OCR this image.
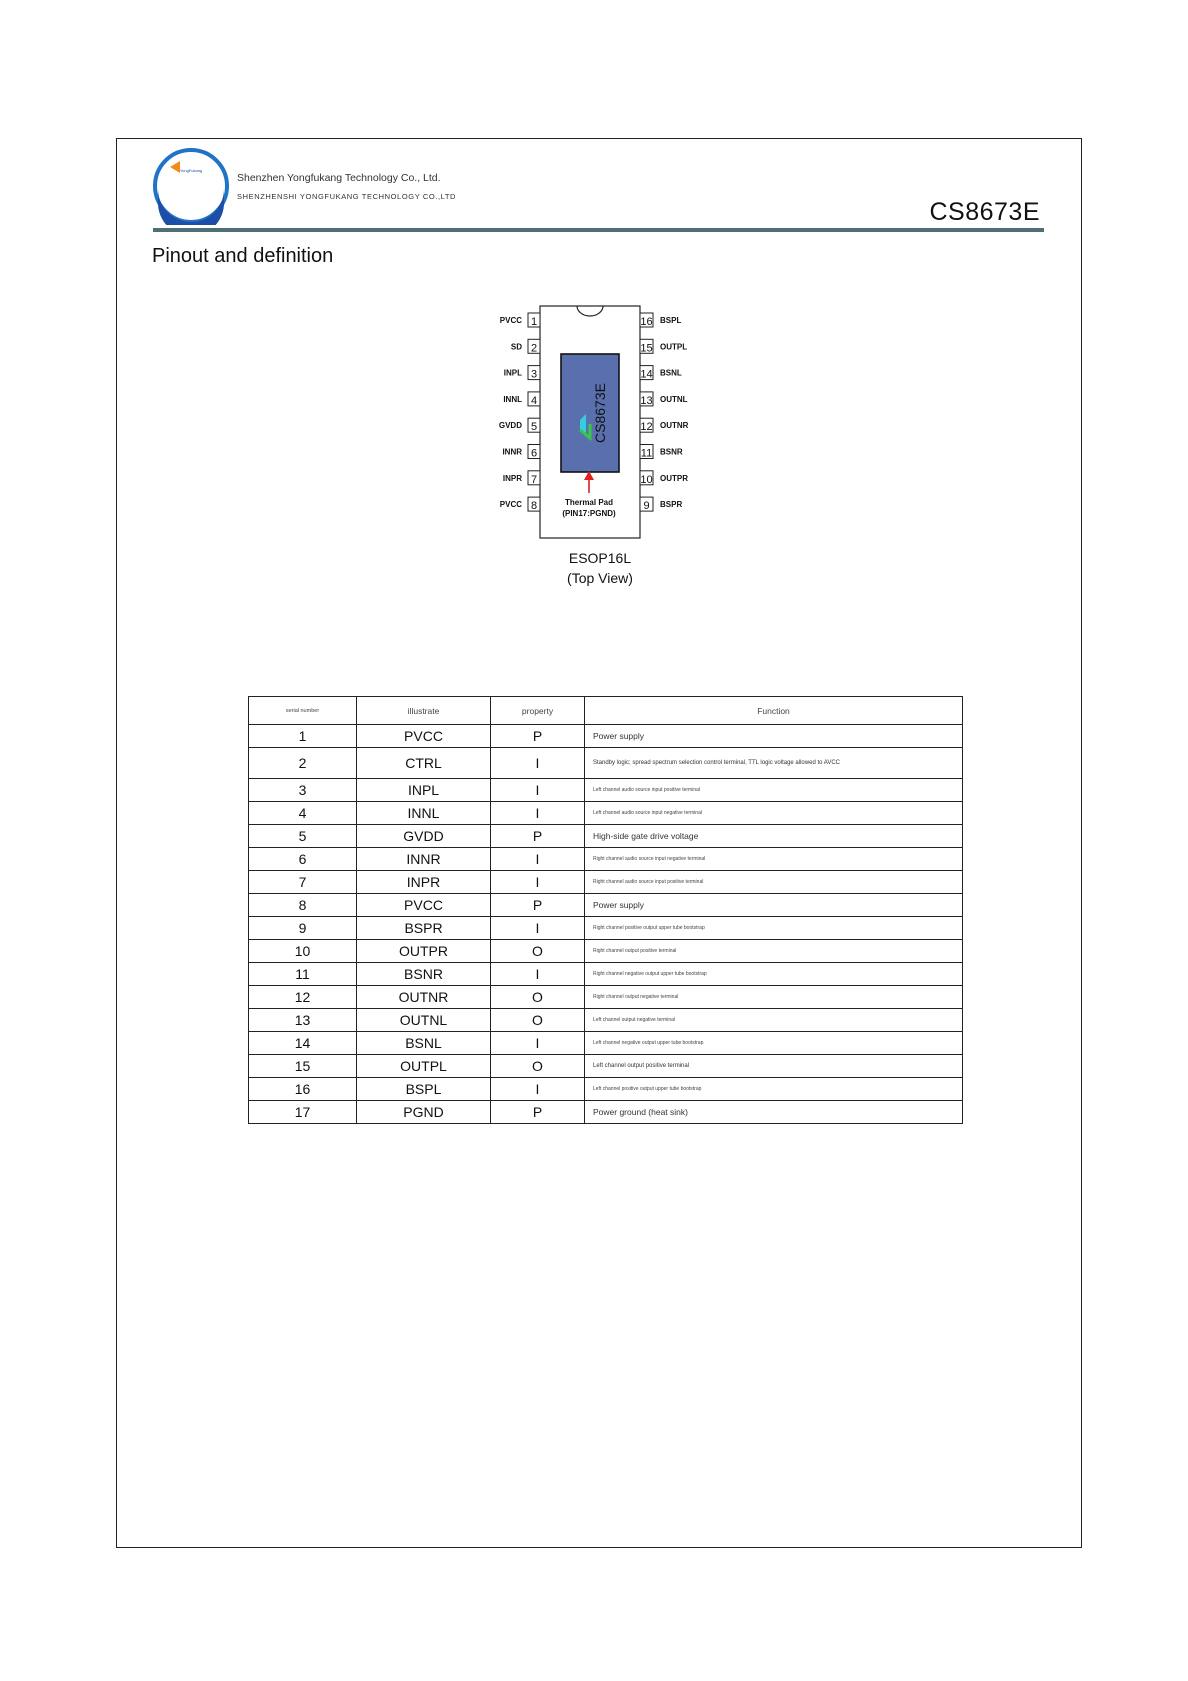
YongFukang
Shenzhen Yongfukang Technology Co., Ltd.
SHENZHENSHI YONGFUKANG TECHNOLOGY CO.,LTD
CS8673E
Pinout and definition
CS8673E
Thermal Pad
(PIN17:PGND)
1
PVCC
2
SD
3
INPL
4
INNL
5
GVDD
6
INNR
7
INPR
8
PVCC
16 BSPL
15 OUTPL
14 BSNL
13 OUTNL
12 OUTNR
11 BSNR
10 OUTPR
9 BSPR
ESOP16L
(Top View)
serial number	illustrate	property	Function
1	PVCC	P	Power supply
2	CTRL	I	Standby logic; spread spectrum selection control terminal, TTL logic voltage allowed to AVCC
3	INPL	I	Left channel audio source input positive terminal
4	INNL	I	Left channel audio source input negative terminal
5	GVDD	P	High-side gate drive voltage
6	INNR	I	Right channel audio source input negative terminal
7	INPR	I	Right channel audio source input positive terminal
8	PVCC	P	Power supply
9	BSPR	I	Right channel positive output upper tube bootstrap
10	OUTPR	O	Right channel output positive terminal
11	BSNR	I	Right channel negative output upper tube bootstrap
12	OUTNR	O	Right channel output negative terminal
13	OUTNL	O	Left channel output negative terminal
14	BSNL	I	Left channel negative output upper tube bootstrap
15	OUTPL	O	Left channel output positive terminal
16	BSPL	I	Left channel positive output upper tube bootstrap
17	PGND	P	Power ground (heat sink)
